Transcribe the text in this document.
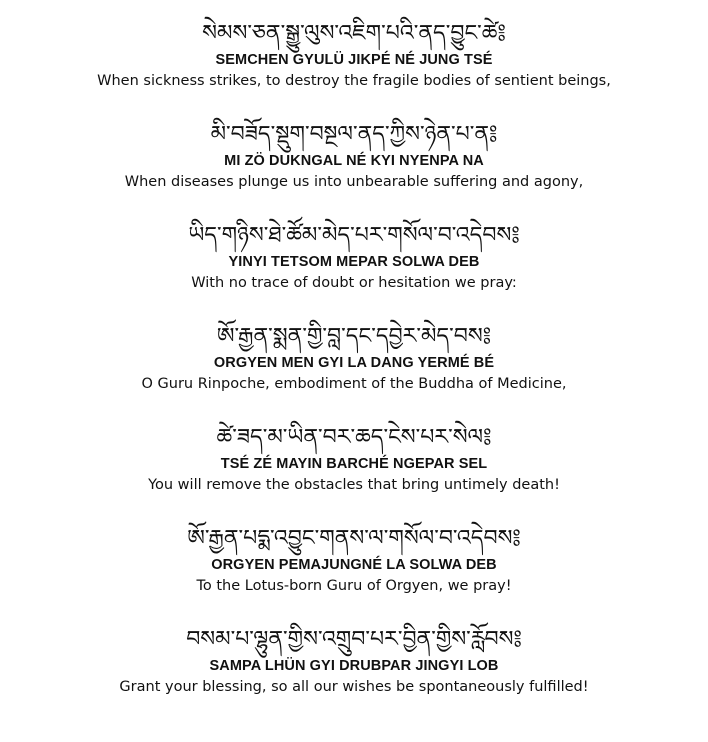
སེམས་ཅན་སྒྱུ་ལུས་འཇིག་པའི་ནད་བྱུང་ཚེ༔
SEMCHEN GYULÜ JIKPÉ NÉ JUNG TSÉ
When sickness strikes, to destroy the fragile bodies of sentient beings,
མི་བཟོད་སྡུག་བསྔལ་ནད་ཀྱིས་ཉེན་པ་ན༔
MI ZÖ DUKNGAL NÉ KYI NYENPA NA
When diseases plunge us into unbearable suffering and agony,
ཡིད་གཉིས་ཐེ་ཚོམ་མེད་པར་གསོལ་བ་འདེབས༔
YINYI TETSOM MEPAR SOLWA DEB
With no trace of doubt or hesitation we pray:
ཨོ་རྒྱན་སྨན་གྱི་བླ་དང་དབྱེར་མེད་བས༔
ORGYEN MEN GYI LA DANG YERMÉ BÉ
O Guru Rinpoche, embodiment of the Buddha of Medicine,
ཚེ་ཟད་མ་ཡིན་བར་ཆད་ངེས་པར་སེལ༔
TSÉ ZÉ MAYIN BARCHÉ NGEPAR SEL
You will remove the obstacles that bring untimely death!
ཨོ་རྒྱན་པདྨ་འབྱུང་གནས་ལ་གསོལ་བ་འདེབས༔
ORGYEN PEMAJUNGNÉ LA SOLWA DEB
To the Lotus-born Guru of Orgyen, we pray!
བསམ་པ་ལྷུན་གྱིས་འགྲུབ་པར་བྱིན་གྱིས་རློབས༔
SAMPA LHÜN GYI DRUBPAR JINGYI LOB
Grant your blessing, so all our wishes be spontaneously fulfilled!
